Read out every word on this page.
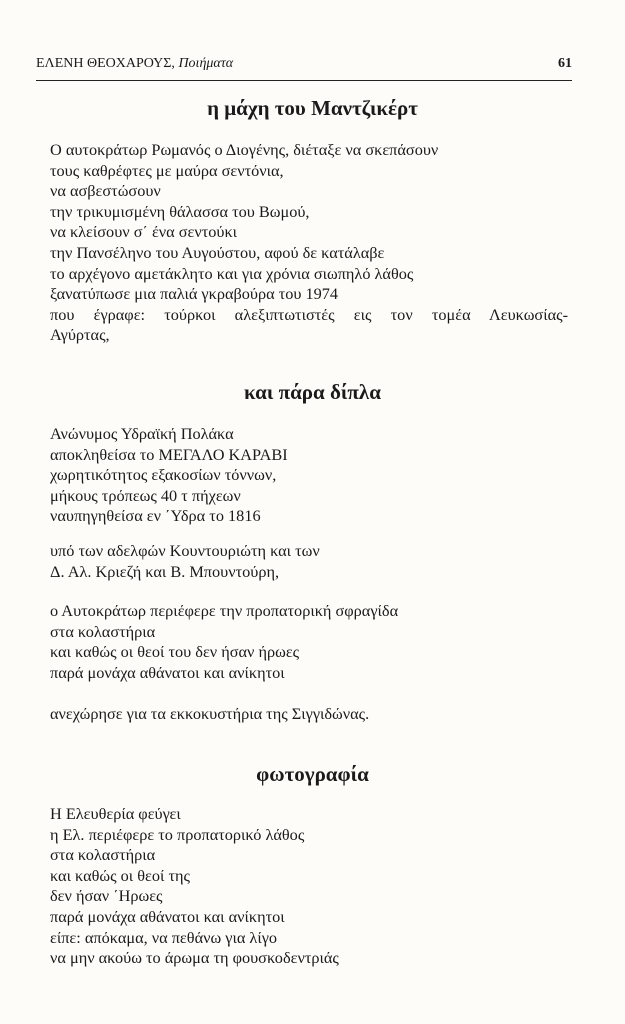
ΕΛΕΝΗ ΘΕΟΧΑΡΟΥΣ, Ποιήματα	61
η μάχη του Μαντζικέρτ
Ο αυτοκράτωρ Ρωμανός ο Διογένης, διέταξε να σκεπάσουν
τους καθρέφτες με μαύρα σεντόνια,
να ασβεστώσουν
την τρικυμισμένη θάλασσα του Βωμού,
να κλείσουν σ΄ ένα σεντούκι
την Πανσέληνο του Αυγούστου, αφού δε κατάλαβε
το αρχέγονο αμετάκλητο και για χρόνια σιωπηλό λάθος
ξανατύπωσε μια παλιά γκραβούρα του 1974
που έγραφε: τούρκοι αλεξιπτωτιστές εις τον τομέα Λευκωσίας-
Αγύρτας,
και πάρα δίπλα
Ανώνυμος Υδραϊκή Πολάκα
αποκληθείσα το ΜΕΓΑΛΟ ΚΑΡΑΒΙ
χωρητικότητος εξακοσίων τόννων,
μήκους τρόπεως 40 τ πήχεων
ναυπηγηθείσα εν ΄Υδρα το 1816
υπό των αδελφών Κουντουριώτη και των
Δ. Αλ. Κριεζή και Β. Μπουντούρη,
ο Αυτοκράτωρ περιέφερε την προπατορική σφραγίδα
στα κολαστήρια
και καθώς οι θεοί του δεν ήσαν ήρωες
παρά μονάχα αθάνατοι και ανίκητοι
ανεχώρησε για τα εκκοκυστήρια της Σιγγιδώνας.
φωτογραφία
Η Ελευθερία φεύγει
η Ελ. περιέφερε το προπατορικό λάθος
στα κολαστήρια
και καθώς οι θεοί της
δεν ήσαν ΄Ηρωες
παρά μονάχα αθάνατοι και ανίκητοι
είπε: απόκαμα, να πεθάνω για λίγο
να μην ακούω το άρωμα τη φουσκοδεντριάς
